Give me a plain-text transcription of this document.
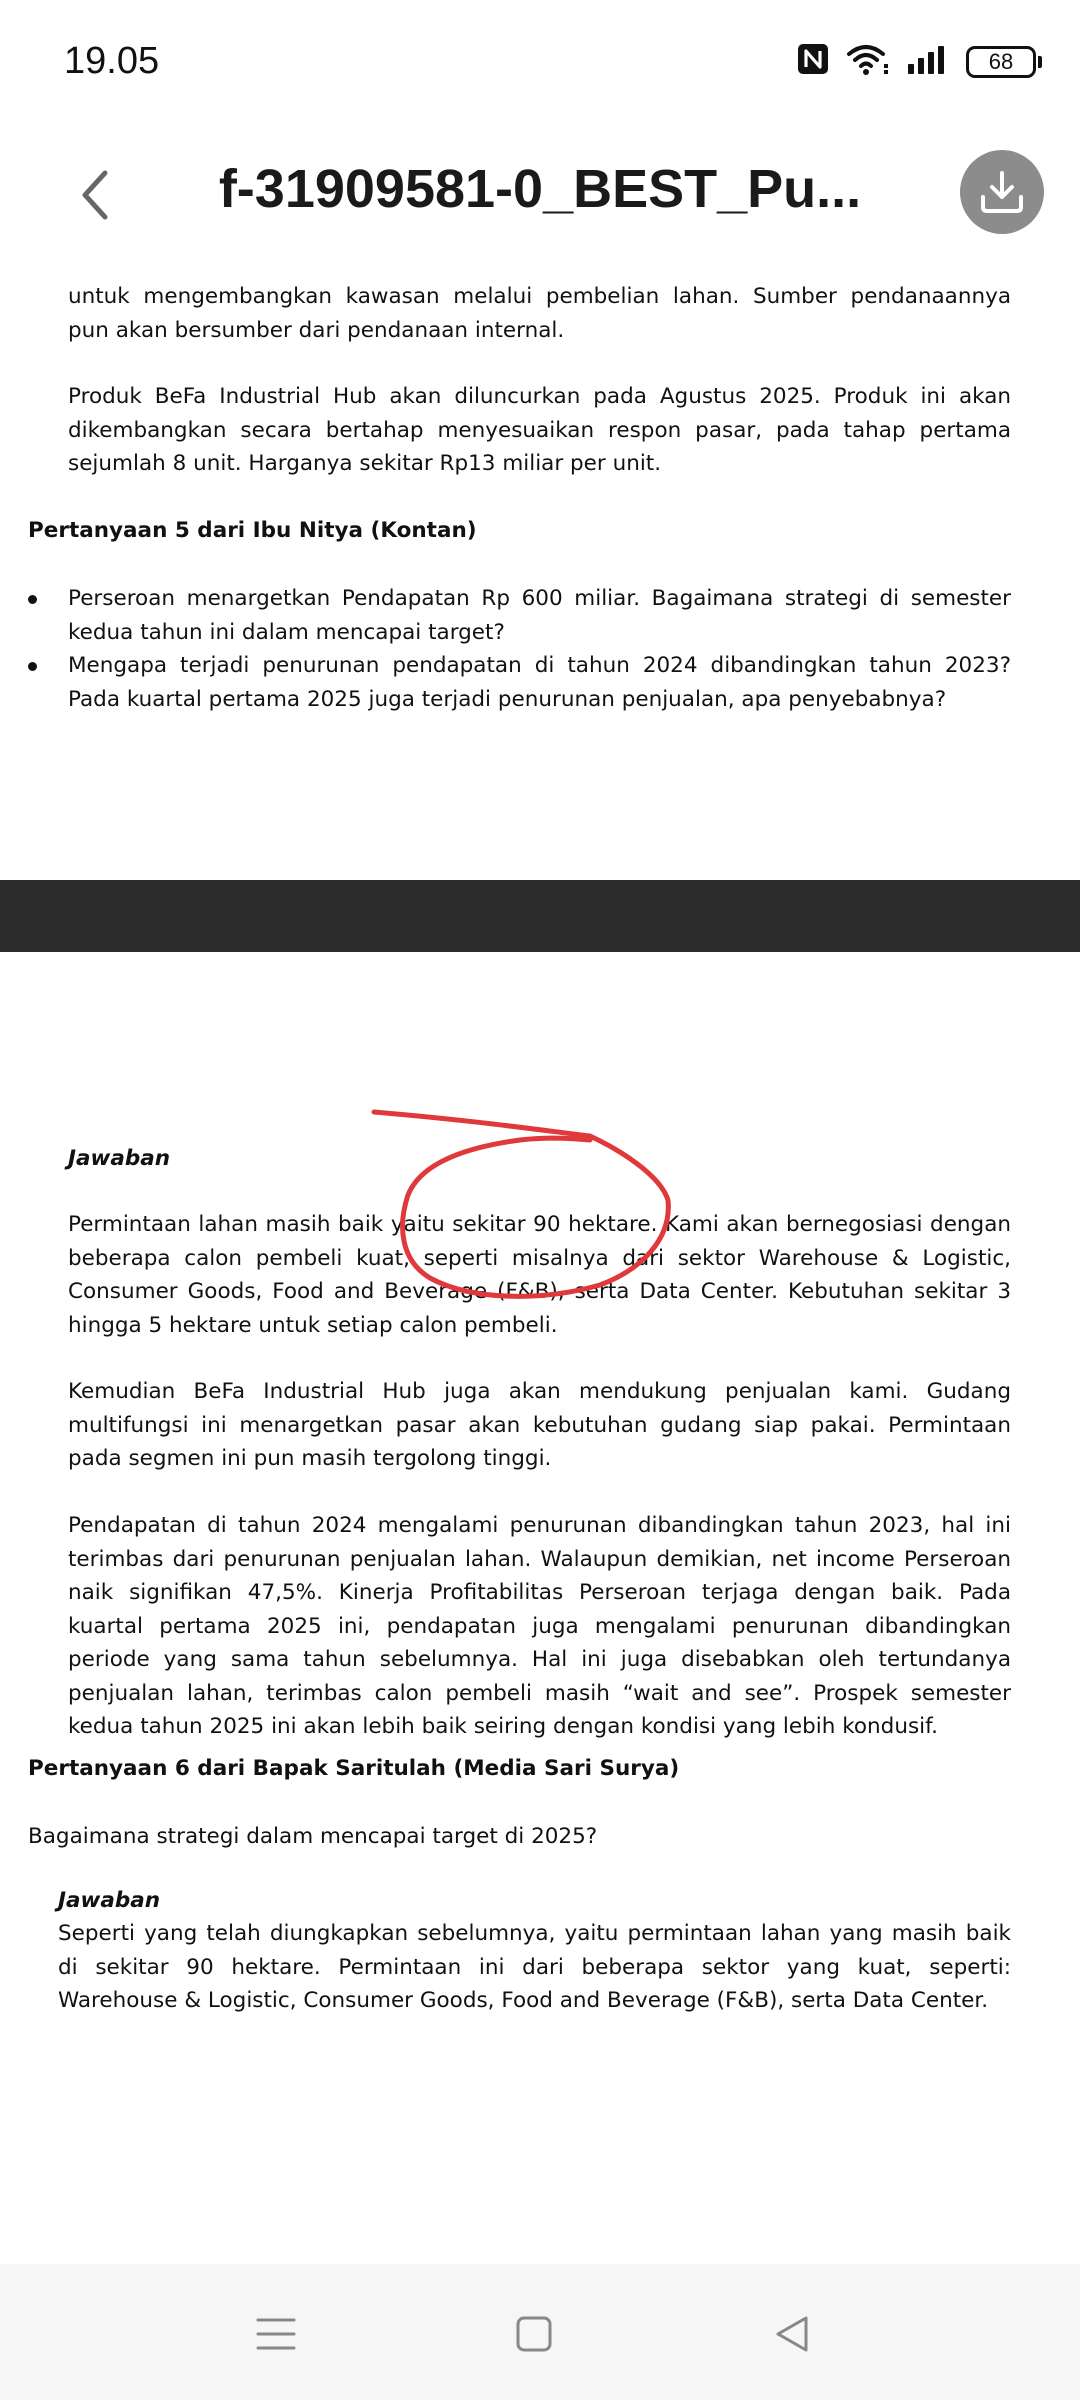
19.05	68
f-31909581-0_BEST_Pu...

untuk mengembangkan kawasan melalui pembelian lahan. Sumber pendanaannya pun akan bersumber dari pendanaan internal.

Produk BeFa Industrial Hub akan diluncurkan pada Agustus 2025. Produk ini akan dikembangkan secara bertahap menyesuaikan respon pasar, pada tahap pertama sejumlah 8 unit. Harganya sekitar Rp13 miliar per unit.

Pertanyaan 5 dari Ibu Nitya (Kontan)
Perseroan menargetkan Pendapatan Rp 600 miliar. Bagaimana strategi di semester kedua tahun ini dalam mencapai target?
Mengapa terjadi penurunan pendapatan di tahun 2024 dibandingkan tahun 2023? Pada kuartal pertama 2025 juga terjadi penurunan penjualan, apa penyebabnya?
Jawaban

Permintaan lahan masih baik yaitu sekitar 90 hektare. Kami akan bernegosiasi dengan beberapa calon pembeli kuat, seperti misalnya dari sektor Warehouse & Logistic, Consumer Goods, Food and Beverage (F&B), serta Data Center. Kebutuhan sekitar 3 hingga 5 hektare untuk setiap calon pembeli.

Kemudian BeFa Industrial Hub juga akan mendukung penjualan kami. Gudang multifungsi ini menargetkan pasar akan kebutuhan gudang siap pakai. Permintaan pada segmen ini pun masih tergolong tinggi.

Pendapatan di tahun 2024 mengalami penurunan dibandingkan tahun 2023, hal ini terimbas dari penurunan penjualan lahan. Walaupun demikian, net income Perseroan naik signifikan 47,5%. Kinerja Profitabilitas Perseroan terjaga dengan baik. Pada kuartal pertama 2025 ini, pendapatan juga mengalami penurunan dibandingkan periode yang sama tahun sebelumnya. Hal ini juga disebabkan oleh tertundanya penjualan lahan, terimbas calon pembeli masih “wait and see”. Prospek semester kedua tahun 2025 ini akan lebih baik seiring dengan kondisi yang lebih kondusif.

Pertanyaan 6 dari Bapak Saritulah (Media Sari Surya)

Bagaimana strategi dalam mencapai target di 2025?

Jawaban

Seperti yang telah diungkapkan sebelumnya, yaitu permintaan lahan yang masih baik di sekitar 90 hektare. Permintaan ini dari beberapa sektor yang kuat, seperti: Warehouse & Logistic, Consumer Goods, Food and Beverage (F&B), serta Data Center.
